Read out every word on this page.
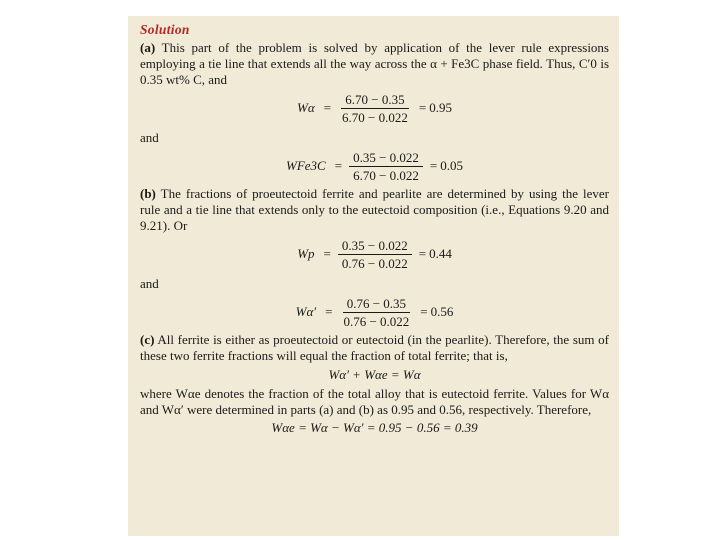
Solution

(a) This part of the problem is solved by application of the lever rule expressions employing a tie line that extends all the way across the α + Fe3C phase field. Thus, C′0 is 0.35 wt% C, and

$W\alpha = \frac{6.70 - 0.35}{6.70 - 0.022} = 0.95$
and
$WFe3C = \frac{0.35 - 0.022}{6.70 - 0.022} = 0.05$

(b) The fractions of proeutectoid ferrite and pearlite are determined by using the lever rule and a tie line that extends only to the eutectoid composition (i.e., Equations 9.20 and 9.21). Or

$Wp = \frac{0.35 - 0.022}{0.76 - 0.022} = 0.44$
and
$W\alpha' = \frac{0.76 - 0.35}{0.76 - 0.022} = 0.56$

(c) All ferrite is either as proeutectoid or eutectoid (in the pearlite). Therefore, the sum of these two ferrite fractions will equal the fraction of total ferrite; that is,

Wα′ + Wαe = Wα

where Wαe denotes the fraction of the total alloy that is eutectoid ferrite. Values for Wα and Wα′ were determined in parts (a) and (b) as 0.95 and 0.56, respectively. Therefore,

Wαe = Wα − Wα′ = 0.95 − 0.56 = 0.39
